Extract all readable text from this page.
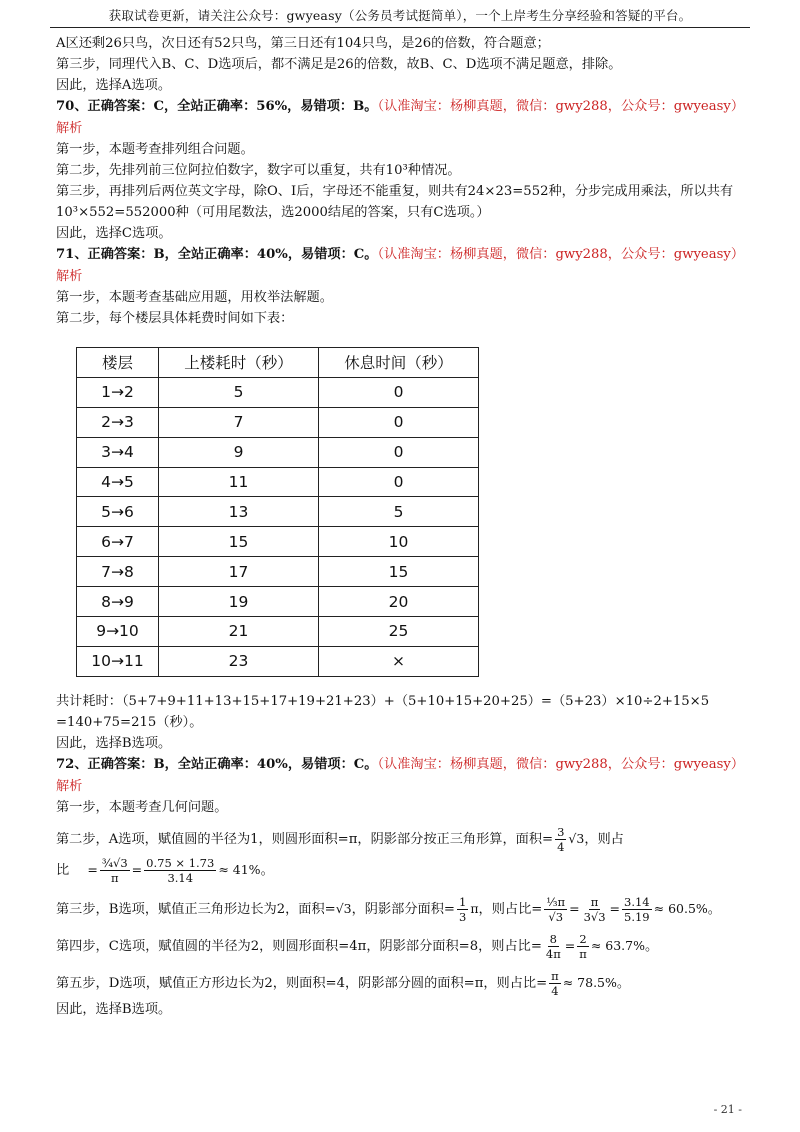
获取试卷更新，请关注公众号：gwyeasy（公务员考试挺简单），一个上岸考生分享经验和答疑的平台。
A区还剩26只鸟，次日还有52只鸟，第三日还有104只鸟，是26的倍数，符合题意；
第三步，同理代入B、C、D选项后，都不满足是26的倍数，故B、C、D选项不满足题意，排除。
因此，选择A选项。
70、正确答案：C，全站正确率：56%，易错项：B。（认准淘宝：杨柳真题，微信：gwy288，公众号：gwyeasy）
解析
第一步，本题考查排列组合问题。
第二步，先排列前三位阿拉伯数字，数字可以重复，共有10³种情况。
第三步，再排列后两位英文字母，除O、I后，字母还不能重复，则共有24×23=552种，分步完成用乘法，所以共有10³×552=552000种（可用尾数法，选2000结尾的答案，只有C选项。）
因此，选择C选项。
71、正确答案：B，全站正确率：40%，易错项：C。（认准淘宝：杨柳真题，微信：gwy288，公众号：gwyeasy）
解析
第一步，本题考查基础应用题，用枚举法解题。
第二步，每个楼层具体耗费时间如下表：
楼层	上楼耗时（秒）	休息时间（秒）
1→2	5	0
2→3	7	0
3→4	9	0
4→5	11	0
5→6	13	5
6→7	15	10
7→8	17	15
8→9	19	20
9→10	21	25
10→11	23	×
共计耗时：（5+7+9+11+13+15+17+19+21+23）+（5+10+15+20+25）=（5+23）×10÷2+15×5
=140+75=215（秒）。
因此，选择B选项。
72、正确答案：B，全站正确率：40%，易错项：C。（认准淘宝：杨柳真题，微信：gwy288，公众号：gwyeasy）
解析
第一步，本题考查几何问题。
第二步，A选项，赋值圆的半径为1，则圆形面积=π，阴影部分按正三角形算，面积= $\frac{3}{4} √3$，则占
比 = $\frac{\text{¾√3}}{\pi} = \frac{0.75 \times 1.73}{3.14} \approx 41\%$。
第三步，B选项，赋值正三角形边长为2，面积=√3，阴影部分面积= $\frac{1}{3}$ π，则占比= $\frac{\text{⅓π}}{√3} = \frac{\pi}{3√3} = \frac{3.14}{5.19} \approx 60.5\%$。
第四步，C选项，赋值圆的半径为2，则圆形面积=4π，阴影部分面积=8，则占比= $\frac{8}{4\pi} = \frac{2}{\pi} \approx 63.7\%$。
第五步，D选项，赋值正方形边长为2，则面积=4，阴影部分圆的面积=π，则占比= $\frac{\pi}{4} \approx 78.5\%$。
因此，选择B选项。
- 21 -
